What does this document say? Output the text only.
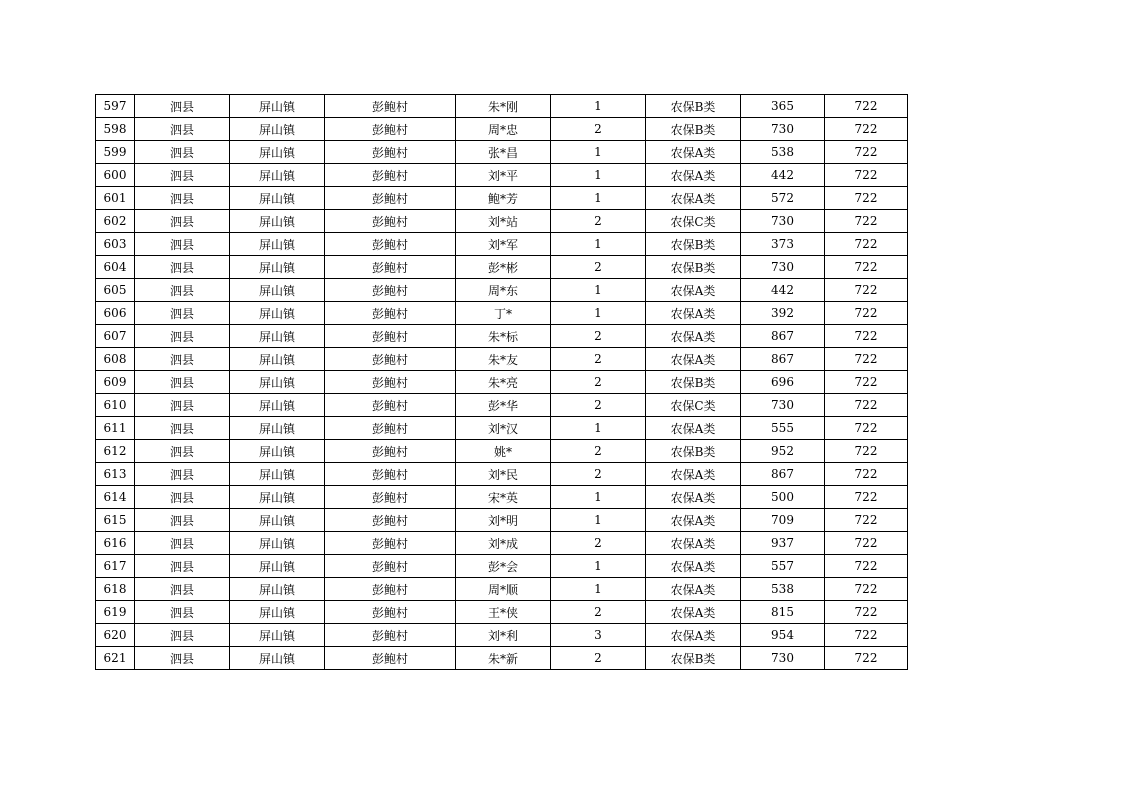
597	泗县	屏山镇	彭鲍村	朱*刚	1	农保B类	365	722
598	泗县	屏山镇	彭鲍村	周*忠	2	农保B类	730	722
599	泗县	屏山镇	彭鲍村	张*昌	1	农保A类	538	722
600	泗县	屏山镇	彭鲍村	刘*平	1	农保A类	442	722
601	泗县	屏山镇	彭鲍村	鲍*芳	1	农保A类	572	722
602	泗县	屏山镇	彭鲍村	刘*站	2	农保C类	730	722
603	泗县	屏山镇	彭鲍村	刘*军	1	农保B类	373	722
604	泗县	屏山镇	彭鲍村	彭*彬	2	农保B类	730	722
605	泗县	屏山镇	彭鲍村	周*东	1	农保A类	442	722
606	泗县	屏山镇	彭鲍村	丁*	1	农保A类	392	722
607	泗县	屏山镇	彭鲍村	朱*标	2	农保A类	867	722
608	泗县	屏山镇	彭鲍村	朱*友	2	农保A类	867	722
609	泗县	屏山镇	彭鲍村	朱*亮	2	农保B类	696	722
610	泗县	屏山镇	彭鲍村	彭*华	2	农保C类	730	722
611	泗县	屏山镇	彭鲍村	刘*汉	1	农保A类	555	722
612	泗县	屏山镇	彭鲍村	姚*	2	农保B类	952	722
613	泗县	屏山镇	彭鲍村	刘*民	2	农保A类	867	722
614	泗县	屏山镇	彭鲍村	宋*英	1	农保A类	500	722
615	泗县	屏山镇	彭鲍村	刘*明	1	农保A类	709	722
616	泗县	屏山镇	彭鲍村	刘*成	2	农保A类	937	722
617	泗县	屏山镇	彭鲍村	彭*会	1	农保A类	557	722
618	泗县	屏山镇	彭鲍村	周*顺	1	农保A类	538	722
619	泗县	屏山镇	彭鲍村	王*侠	2	农保A类	815	722
620	泗县	屏山镇	彭鲍村	刘*利	3	农保A类	954	722
621	泗县	屏山镇	彭鲍村	朱*新	2	农保B类	730	722
